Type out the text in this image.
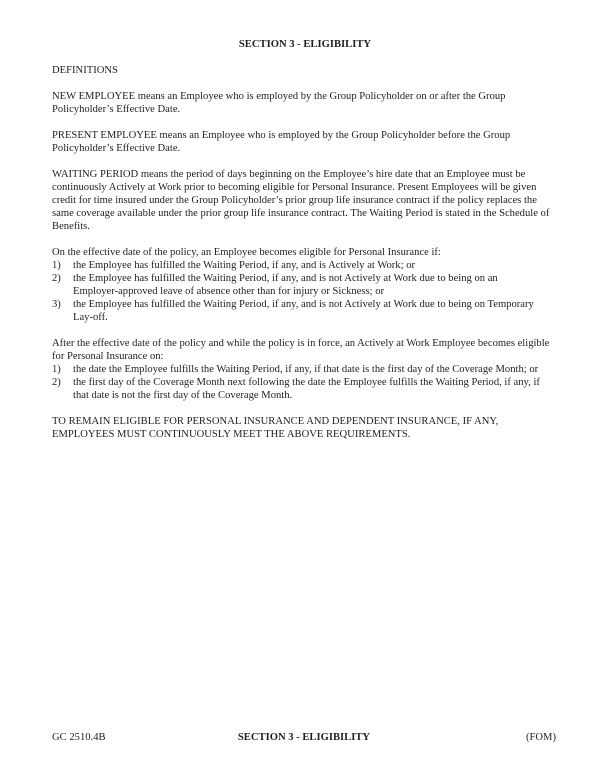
SECTION 3 - ELIGIBILITY
DEFINITIONS
NEW EMPLOYEE means an Employee who is employed by the Group Policyholder on or after the Group
Policyholder’s Effective Date.
PRESENT EMPLOYEE means an Employee who is employed by the Group Policyholder before the Group
Policyholder’s Effective Date.
WAITING PERIOD means the period of days beginning on the Employee’s hire date that an Employee must be
continuously Actively at Work prior to becoming eligible for Personal Insurance. Present Employees will be given
credit for time insured under the Group Policyholder’s prior group life insurance contract if the policy replaces the
same coverage available under the prior group life insurance contract. The Waiting Period is stated in the Schedule of
Benefits.
On the effective date of the policy, an Employee becomes eligible for Personal Insurance if:
1)	the Employee has fulfilled the Waiting Period, if any, and is Actively at Work; or
2)	the Employee has fulfilled the Waiting Period, if any, and is not Actively at Work due to being on an
Employer-approved leave of absence other than for injury or Sickness; or
3)	the Employee has fulfilled the Waiting Period, if any, and is not Actively at Work due to being on Temporary
Lay-off.
After the effective date of the policy and while the policy is in force, an Actively at Work Employee becomes eligible
for Personal Insurance on:
1)	the date the Employee fulfills the Waiting Period, if any, if that date is the first day of the Coverage Month; or
2)	the first day of the Coverage Month next following the date the Employee fulfills the Waiting Period, if any, if
that date is not the first day of the Coverage Month.
TO REMAIN ELIGIBLE FOR PERSONAL INSURANCE AND DEPENDENT INSURANCE, IF ANY,
EMPLOYEES MUST CONTINUOUSLY MEET THE ABOVE REQUIREMENTS.
GC 2510.4B	SECTION 3 - ELIGIBILITY	(FOM)
